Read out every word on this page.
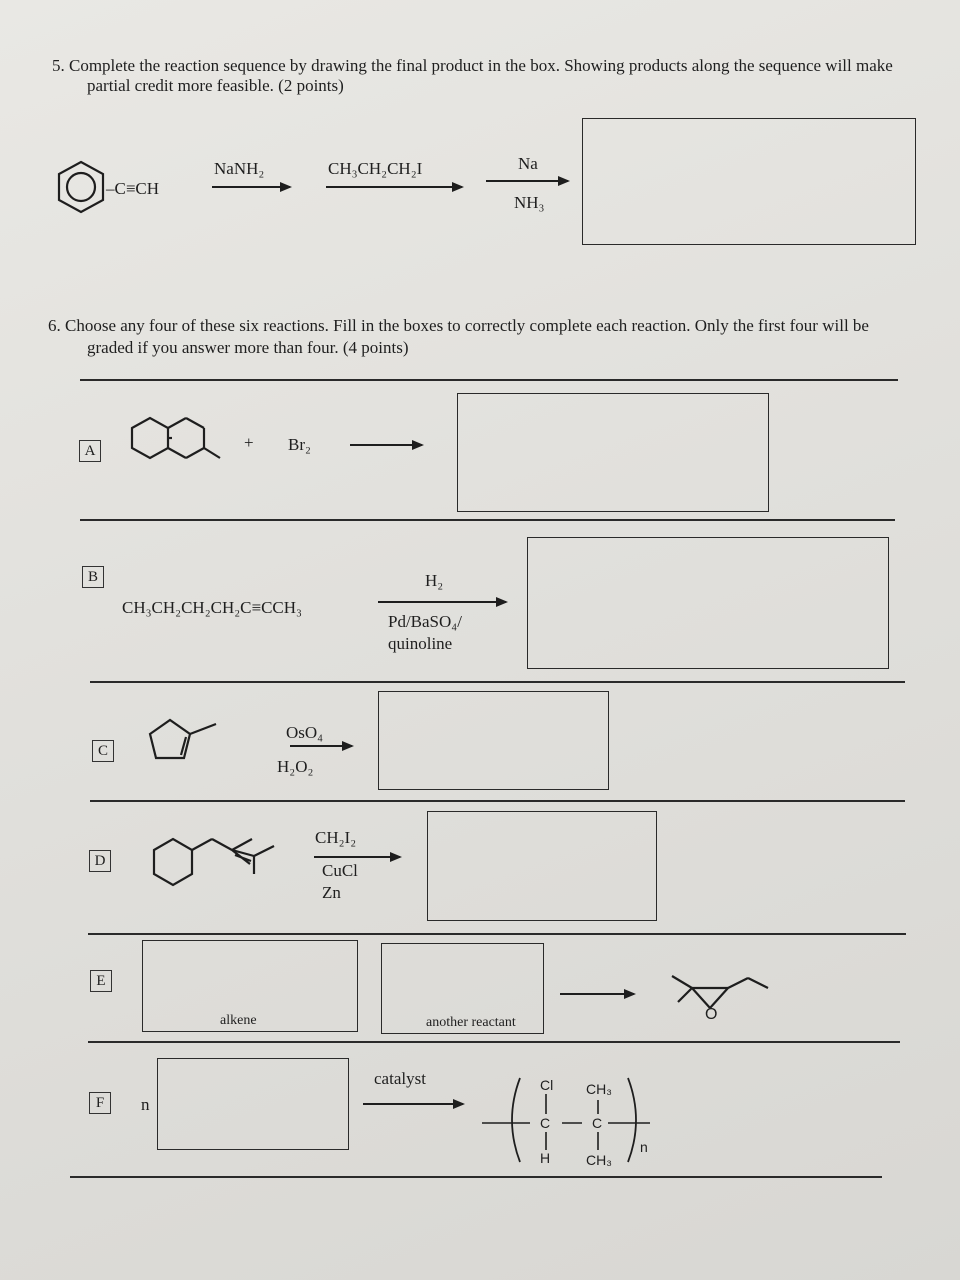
5. Complete the reaction sequence by drawing the final product in the box. Showing products along the sequence will make
partial credit more feasible. (2 points)
–C≡CH
NaNH₂	CH₃CH₂CH₂I	Na
NH₃
6. Choose any four of these six reactions. Fill in the boxes to correctly complete each reaction. Only the first four will be
graded if you answer more than four. (4 points)
A	+ Br₂
B
CH₃CH₂CH₂CH₂C≡CCH₃
H₂
Pd/BaSO₄/
quinoline
C
OsO₄
H₂O₂
D
CH₂I₂
CuCl
Zn
E
alkene	another reactant	O
F	n
catalyst	Cl
C
H
CH₃
C
CH₃
n
